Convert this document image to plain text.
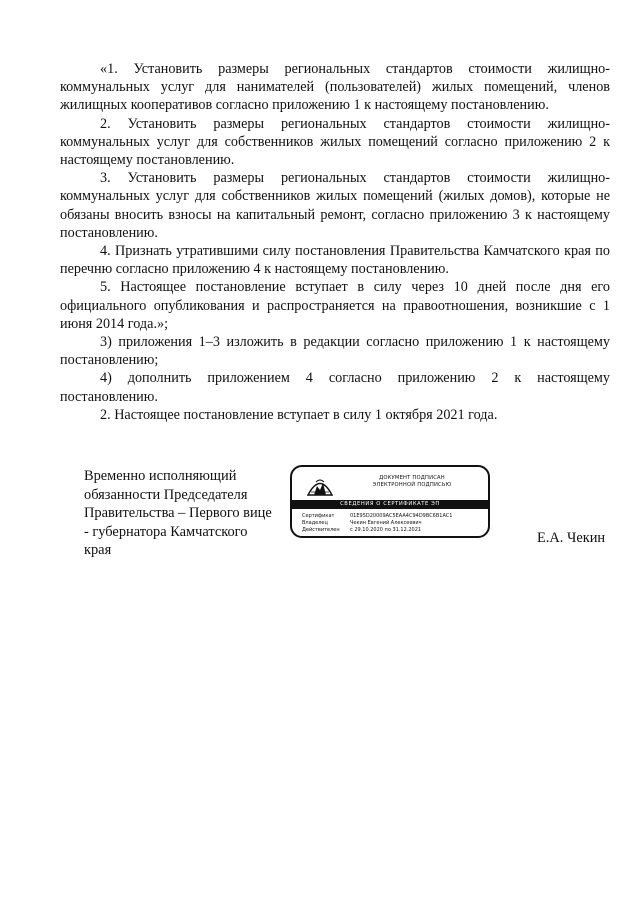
«1. Установить размеры региональных стандартов стоимости жилищно-коммунальных услуг для нанимателей (пользователей) жилых помещений, членов жилищных кооперативов согласно приложению 1 к настоящему постановлению.

2. Установить размеры региональных стандартов стоимости жилищно-коммунальных услуг для собственников жилых помещений согласно приложению 2 к настоящему постановлению.

3. Установить размеры региональных стандартов стоимости жилищно-коммунальных услуг для собственников жилых помещений (жилых домов), которые не обязаны вносить взносы на капитальный ремонт, согласно приложению 3 к настоящему постановлению.

4. Признать утратившими силу постановления Правительства Камчатского края по перечню согласно приложению 4 к настоящему постановлению.

5. Настоящее постановление вступает в силу через 10 дней после дня его официального опубликования и распространяется на правоотношения, возникшие с 1 июня 2014 года.»;

3) приложения 1–3 изложить в редакции согласно приложению 1 к настоящему постановлению;

4) дополнить приложением 4 согласно приложению 2 к настоящему постановлению.

2. Настоящее постановление вступает в силу 1 октября 2021 года.

Временно исполняющий
обязанности Председателя
Правительства – Первого вице
- губернатора Камчатского
края
ДОКУМЕНТ ПОДПИСАН
ЭЛЕКТРОННОЙ ПОДПИСЬЮ
СВЕДЕНИЯ О СЕРТИФИКАТЕ ЭП
Сертификат	01E95D20009AC5EAA4C94D9BC6B1AC1
Владелец	Чекин Евгений Алексеевич
Действителен	с 29.10.2020 по 31.12.2021	Е.А. Чекин
